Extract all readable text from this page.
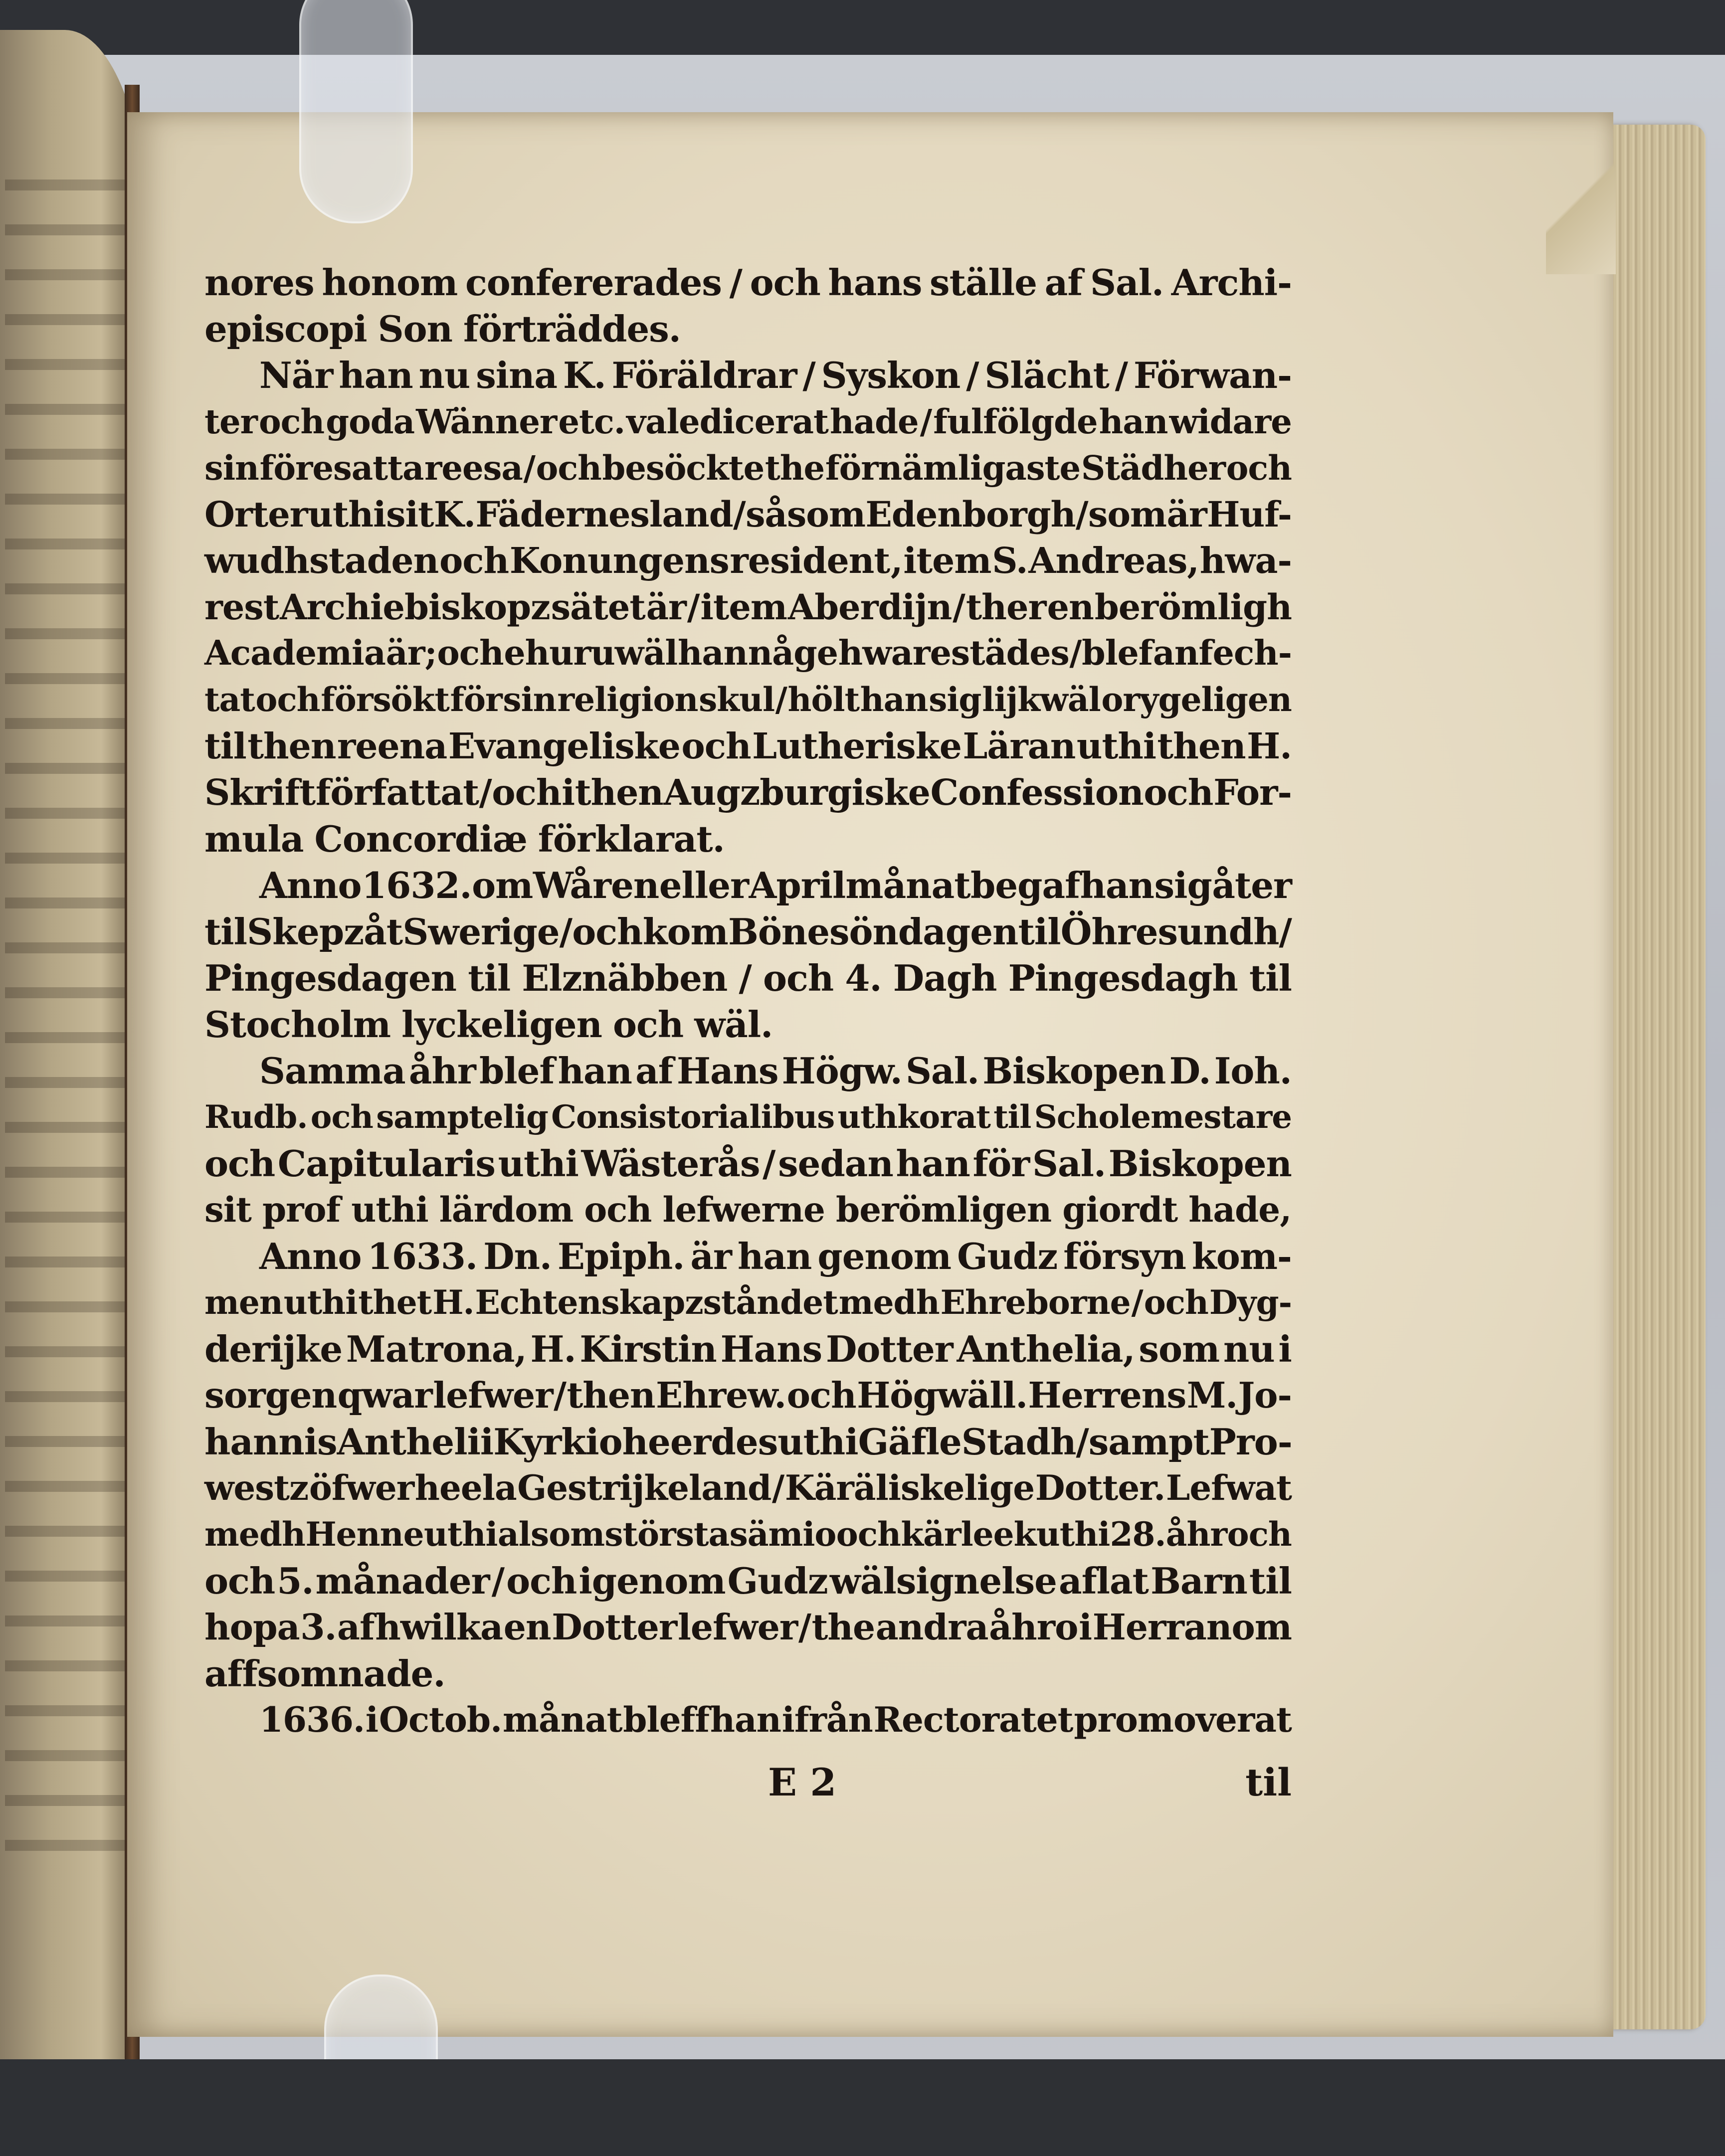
nores honom confererades / och hans ställe af Sal. Archi-
episcopi Son förträddes.
När han nu sina K. Föräldrar / Syskon / Slächt / Förwan-
ter och goda Wänner etc. valedicerat hade / fulfölgde han widare
sin föresatta reesa / och besöckte the förnämligaste Städher och
Orter uthi sit K. Fädernesland / såsom Edenborgh / som är Huf-
wudhstaden och Konungens resident , item S. Andreas, hwa-
rest Archiebiskopz sätet är / item Aberdijn / ther en berömligh
Academia är; och ehuruwäl han någe hwarestädes / blef anfech-
tat och försökt för sin religion skul / hölt han sig lijkwäl orygeligen
til then reena Evangeliske och Lutheriske Läran uthi then H.
Skrift författat / och i then Augzburgiske Confession och For-
mula Concordiæ förklarat.
Anno 1632. om Wåren eller Aprilmånat begaf han sig åter
til Skepz åt Swerige / och kom Bönesöndagen til Öhresundh /
Pingesdagen til Elznäbben / och 4. Dagh Pingesdagh til
Stocholm lyckeligen och wäl.
Samma åhr blef han af Hans Högw. Sal. Biskopen D. Ioh.
Rudb. och samptelig Consistorialibus uthkorat til Scholemestare
och Capitularis uthi Wästerås / sedan han för Sal. Biskopen
sit prof uthi lärdom och lefwerne berömligen giordt hade,
Anno 1633. Dn. Epiph. är han genom Gudz försyn kom-
men uthi thet H. Echtenskapzståndet medh Ehreborne / och Dyg-
derijke Matrona, H. Kirstin Hans Dotter Anthelia, som nu i
sorgen qwar lefwer / then Ehrew. och Högwäll. Herrens M. Jo-
hannis Anthelii Kyrkioheerdes uthi Gäfle Stadh / sampt Pro-
westz öfwer heela Gestrijkeland / Käräliskelige Dotter. Lefwat
medh Henne uthi al som största sämio och kärleek uthi 28. åhr och
och 5. månader / och igenom Gudz wälsignelse aflat Barn til
hopa 3. af hwilka en Dotter lefwer / the andra åhro i Herranom
affsomnade.
1636. i Octob. månat bleff han ifrån Rectoratet promoverat
E 2	til
